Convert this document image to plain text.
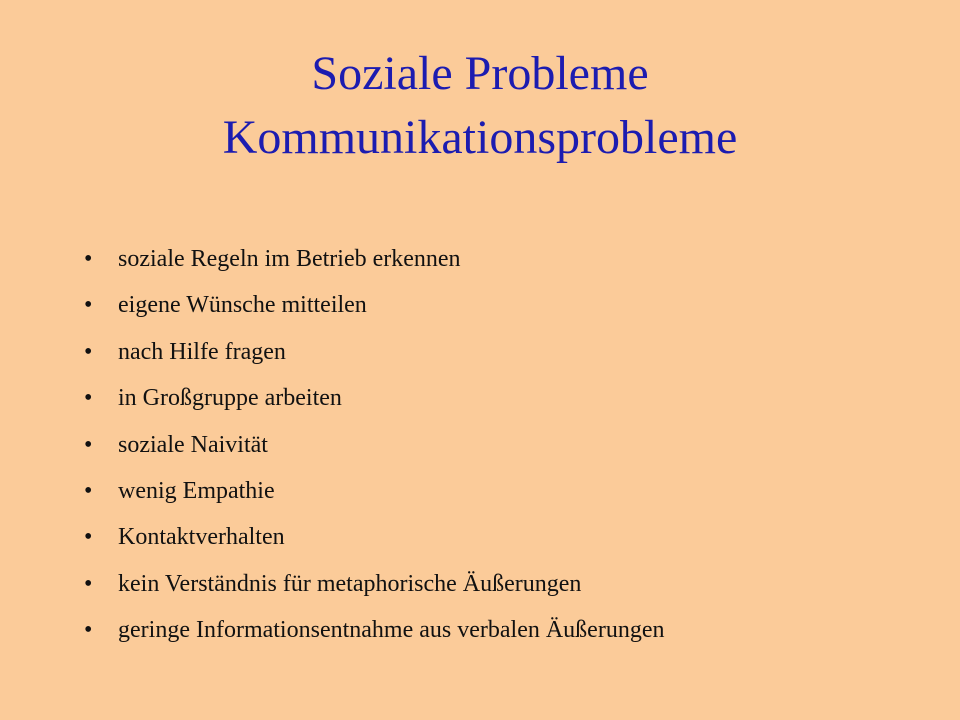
Soziale Probleme
Kommunikationsprobleme
•	soziale Regeln im Betrieb erkennen
•	eigene Wünsche mitteilen
•	nach Hilfe fragen
•	in Großgruppe arbeiten
•	soziale Naivität
•	wenig Empathie
•	Kontaktverhalten
•	kein Verständnis für metaphorische Äußerungen
•	geringe Informationsentnahme aus verbalen Äußerungen
